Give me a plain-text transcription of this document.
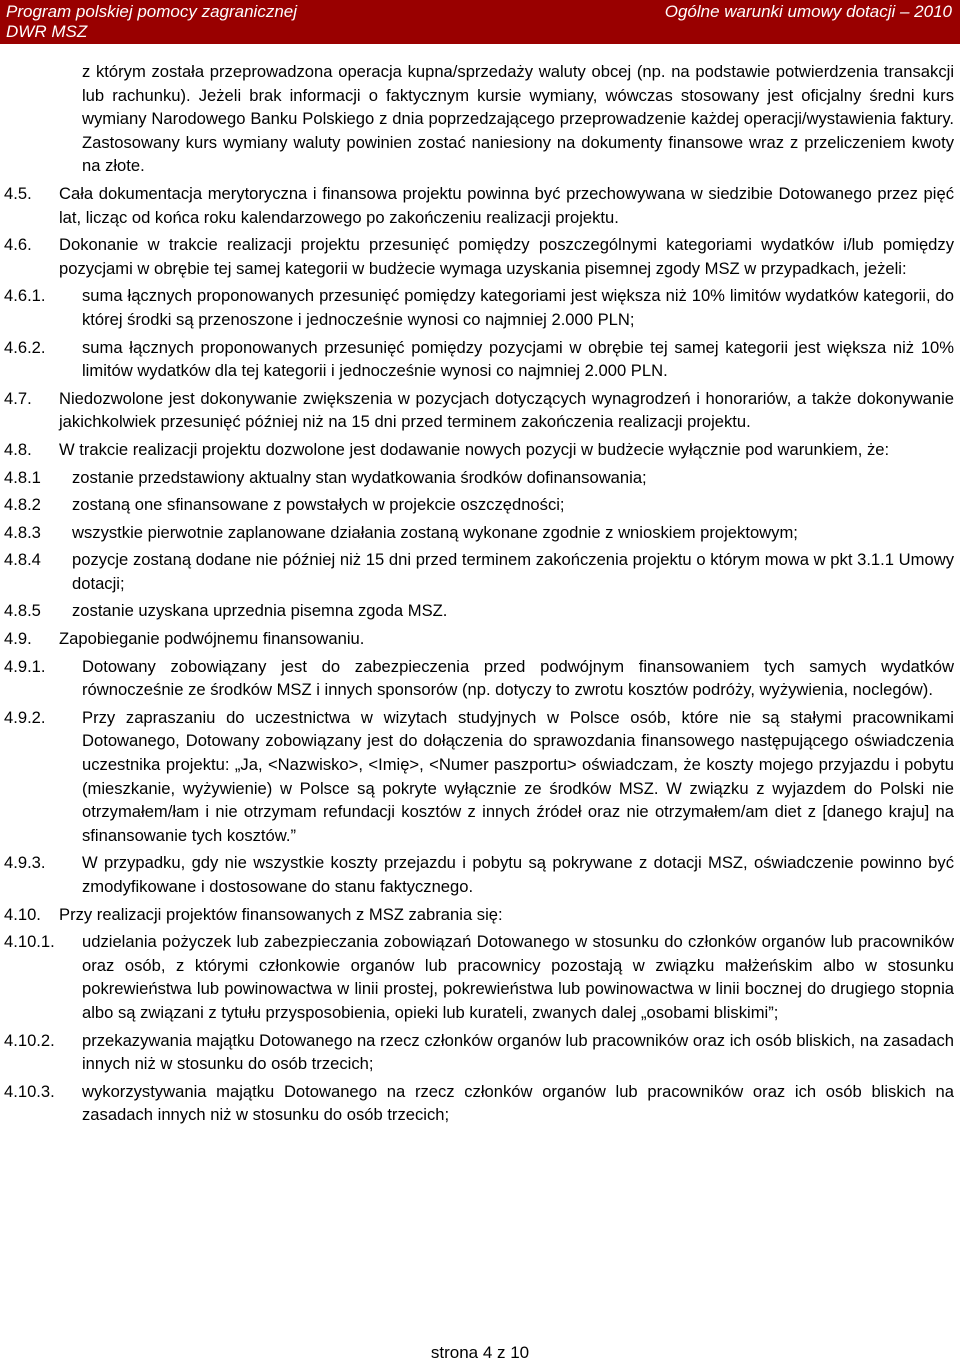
Program polskiej pomocy zagranicznej
DWR MSZ
Ogólne warunki umowy dotacji – 2010
z którym została przeprowadzona operacja kupna/sprzedaży waluty obcej (np. na podstawie potwierdzenia transakcji lub rachunku). Jeżeli brak informacji o faktycznym kursie wymiany, wówczas stosowany jest oficjalny średni kurs wymiany Narodowego Banku Polskiego z dnia poprzedzającego przeprowadzenie każdej operacji/wystawienia faktury. Zastosowany kurs wymiany waluty powinien zostać naniesiony na dokumenty finansowe wraz z przeliczeniem kwoty na złote.
4.5.	Cała dokumentacja merytoryczna i finansowa projektu powinna być przechowywana w siedzibie Dotowanego przez pięć lat, licząc od końca roku kalendarzowego po zakończeniu realizacji projektu.
4.6.	Dokonanie w trakcie realizacji projektu przesunięć pomiędzy poszczególnymi kategoriami wydatków i/lub pomiędzy pozycjami w obrębie tej samej kategorii w budżecie wymaga uzyskania pisemnej zgody MSZ w przypadkach, jeżeli:
4.6.1.	suma łącznych proponowanych przesunięć pomiędzy kategoriami jest większa niż 10% limitów wydatków kategorii, do której środki są przenoszone i jednocześnie wynosi co najmniej 2.000 PLN;
4.6.2.	suma łącznych proponowanych przesunięć pomiędzy pozycjami w obrębie tej samej kategorii jest większa niż 10% limitów wydatków dla tej kategorii i jednocześnie wynosi co najmniej 2.000 PLN.
4.7.	Niedozwolone jest dokonywanie zwiększenia w pozycjach dotyczących wynagrodzeń i honorariów, a także dokonywanie jakichkolwiek przesunięć później niż na 15 dni przed terminem zakończenia realizacji projektu.
4.8.	W trakcie realizacji projektu dozwolone jest dodawanie nowych pozycji w budżecie wyłącznie pod warunkiem, że:
4.8.1	zostanie przedstawiony aktualny stan wydatkowania środków dofinansowania;
4.8.2	zostaną one sfinansowane z powstałych w projekcie oszczędności;
4.8.3	wszystkie pierwotnie zaplanowane działania zostaną wykonane zgodnie z wnioskiem projektowym;
4.8.4	pozycje zostaną dodane nie później niż 15 dni przed terminem zakończenia projektu o którym mowa w pkt 3.1.1 Umowy dotacji;
4.8.5	zostanie uzyskana uprzednia pisemna zgoda MSZ.
4.9.	Zapobieganie podwójnemu finansowaniu.
4.9.1.	Dotowany zobowiązany jest do zabezpieczenia przed podwójnym finansowaniem tych samych wydatków równocześnie ze środków MSZ i innych sponsorów (np. dotyczy to zwrotu kosztów podróży, wyżywienia, noclegów).
4.9.2.	Przy zapraszaniu do uczestnictwa w wizytach studyjnych w Polsce osób, które nie są stałymi pracownikami Dotowanego, Dotowany zobowiązany jest do dołączenia do sprawozdania finansowego następującego oświadczenia uczestnika projektu: „Ja, <Nazwisko>, <Imię>, <Numer paszportu> oświadczam, że koszty mojego przyjazdu i pobytu (mieszkanie, wyżywienie) w Polsce są pokryte wyłącznie ze środków MSZ. W związku z wyjazdem do Polski nie otrzymałem/łam i nie otrzymam refundacji kosztów z innych źródeł oraz nie otrzymałem/am diet z [danego kraju] na sfinansowanie tych kosztów.”
4.9.3.	W przypadku, gdy nie wszystkie koszty przejazdu i pobytu są pokrywane z dotacji MSZ, oświadczenie powinno być zmodyfikowane i dostosowane do stanu faktycznego.
4.10.	Przy realizacji projektów finansowanych z MSZ zabrania się:
4.10.1.	udzielania pożyczek lub zabezpieczania zobowiązań Dotowanego w stosunku do członków organów lub pracowników oraz osób, z którymi członkowie organów lub pracownicy pozostają w związku małżeńskim albo w stosunku pokrewieństwa lub powinowactwa w linii prostej, pokrewieństwa lub powinowactwa w linii bocznej do drugiego stopnia albo są związani z tytułu przysposobienia, opieki lub kurateli, zwanych dalej „osobami bliskimi”;
4.10.2.	przekazywania majątku Dotowanego na rzecz członków organów lub pracowników oraz ich osób bliskich, na zasadach innych niż w stosunku do osób trzecich;
4.10.3.	wykorzystywania majątku Dotowanego na rzecz członków organów lub pracowników oraz ich osób bliskich na zasadach innych niż w stosunku do osób trzecich;
strona 4 z 10
